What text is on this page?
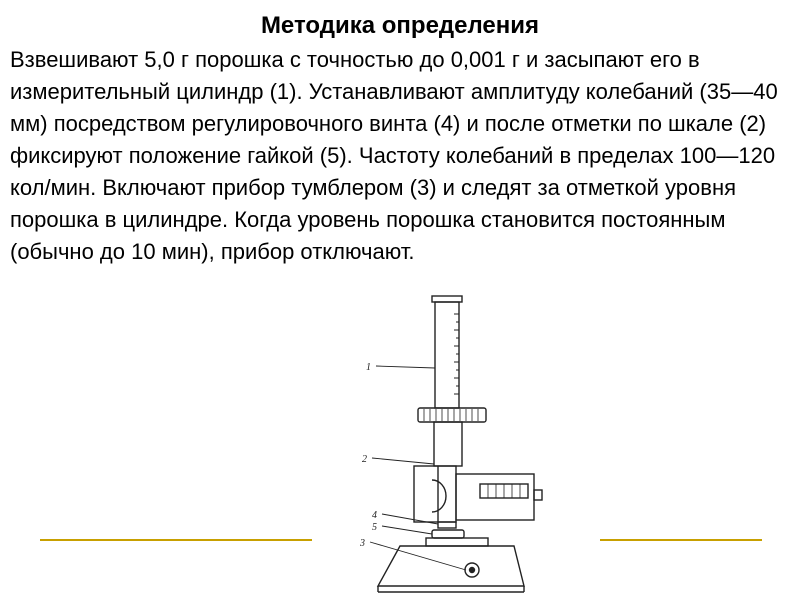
Методика определения

Взвешивают 5,0 г порошка с точностью до 0,001 г и засыпают его в измерительный цилиндр (1). Устанавливают амплитуду колебаний (35—40 мм) посредством регулировочного винта (4) и после отметки по шкале (2) фиксируют положение гайкой (5). Частоту колебаний в пределах 100—120 кол/мин. Включают прибор тумблером (3) и следят за отметкой уровня порошка в цилиндре. Когда уровень порошка становится постоянным (обычно до 10 мин), прибор отключают.

1
2
4
5
3
